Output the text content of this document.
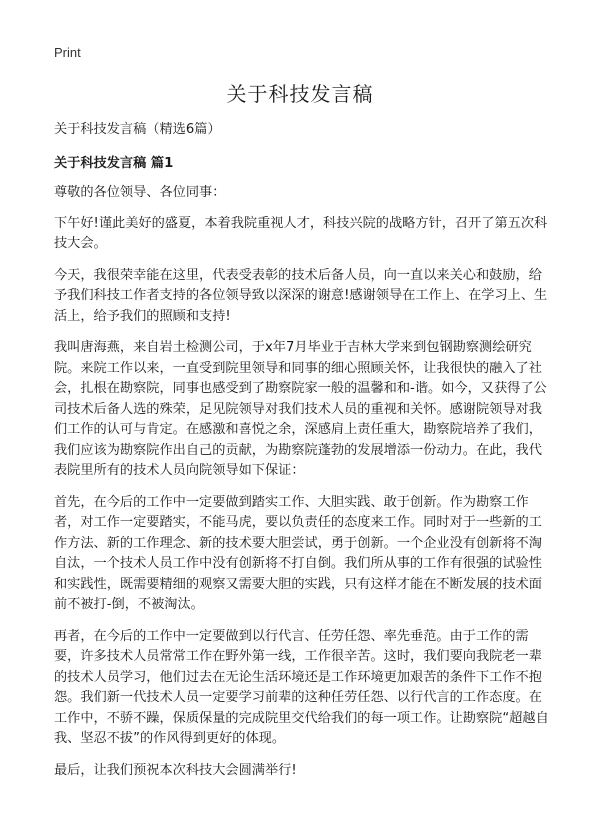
Print
关于科技发言稿

关于科技发言稿（精选6篇）

关于科技发言稿 篇1

尊敬的各位领导、各位同事：

下午好!谨此美好的盛夏，本着我院重视人才，科技兴院的战略方针，召开了第五次科技大会。

今天，我很荣幸能在这里，代表受表彰的技术后备人员，向一直以来关心和鼓励，给予我们科技工作者支持的各位领导致以深深的谢意!感谢领导在工作上、在学习上、生活上，给予我们的照顾和支持!

我叫唐海燕，来自岩土检测公司，于x年7月毕业于吉林大学来到包钢勘察测绘研究院。来院工作以来，一直受到院里领导和同事的细心照顾关怀，让我很快的融入了社会，扎根在勘察院，同事也感受到了勘察院家一般的温馨和和-谐。如今，又获得了公司技术后备人选的殊荣，足见院领导对我们技术人员的重视和关怀。感谢院领导对我们工作的认可与肯定。在感激和喜悦之余，深感肩上责任重大，勘察院培养了我们，我们应该为勘察院作出自己的贡献，为勘察院蓬勃的发展增添一份动力。在此，我代表院里所有的技术人员向院领导如下保证：

首先，在今后的工作中一定要做到踏实工作、大胆实践、敢于创新。作为勘察工作者，对工作一定要踏实，不能马虎，要以负责任的态度来工作。同时对于一些新的工作方法、新的工作理念、新的技术要大胆尝试，勇于创新。一个企业没有创新将不淘自汰，一个技术人员工作中没有创新将不打自倒。我们所从事的工作有很强的试验性和实践性，既需要精细的观察又需要大胆的实践，只有这样才能在不断发展的技术面前不被打-倒，不被淘汰。

再者，在今后的工作中一定要做到以行代言、任劳任怨、率先垂范。由于工作的需要，许多技术人员常常工作在野外第一线，工作很辛苦。这时，我们要向我院老一辈的技术人员学习，他们过去在无论生活环境还是工作环境更加艰苦的条件下工作不抱怨。我们新一代技术人员一定要学习前辈的这种任劳任怨、以行代言的工作态度。在工作中，不骄不躁，保质保量的完成院里交代给我们的每一项工作。让勘察院“超越自我、坚忍不拔”的作风得到更好的体现。

最后，让我们预祝本次科技大会圆满举行!
